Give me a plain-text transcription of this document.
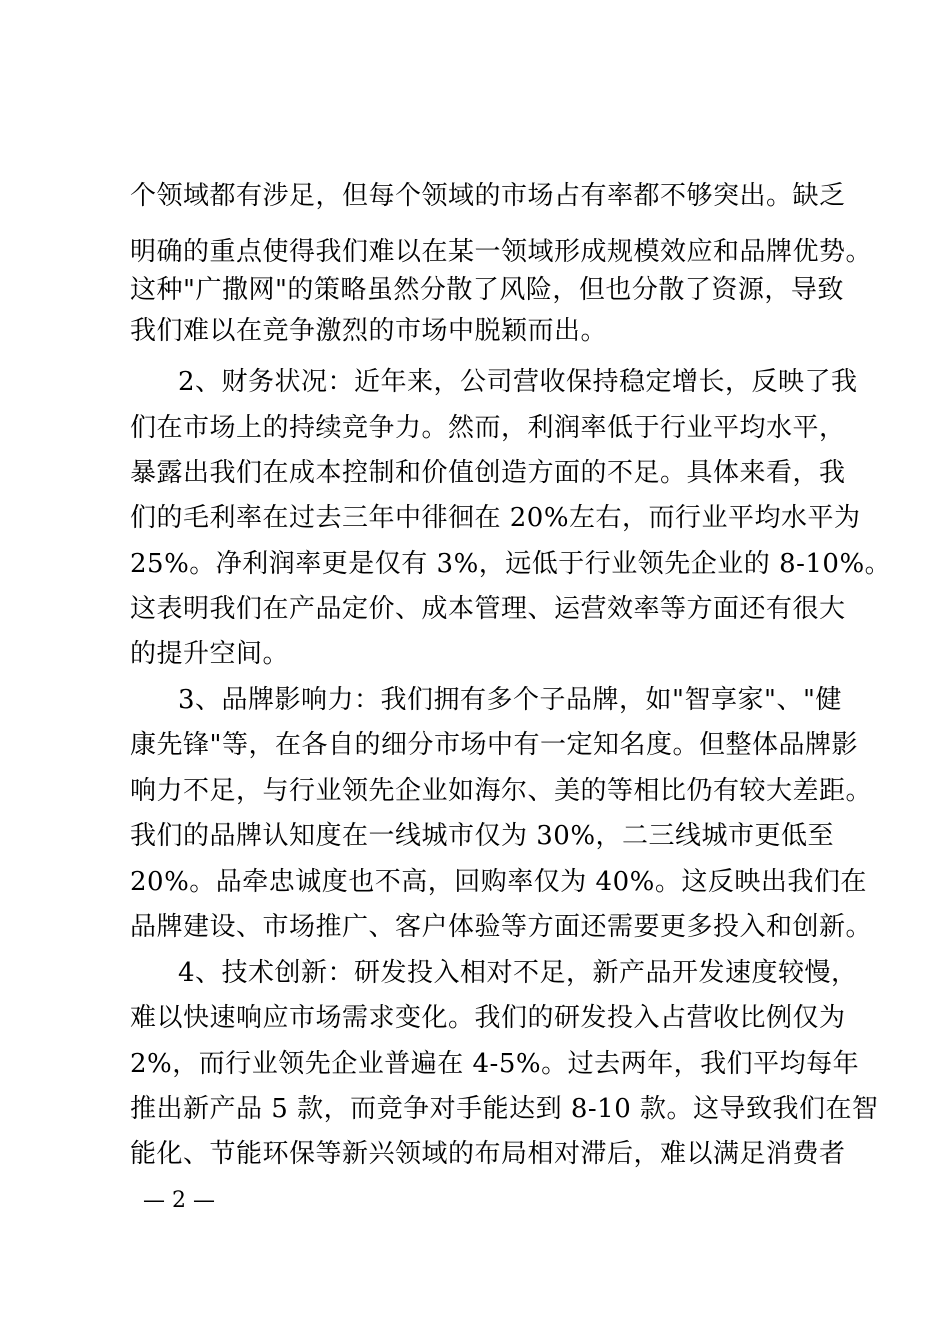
个领域都有涉足，但每个领域的市场占有率都不够突出。缺乏
明确的重点使得我们难以在某一领域形成规模效应和品牌优势。
这种"广撒网"的策略虽然分散了风险，但也分散了资源，导致
我们难以在竞争激烈的市场中脱颖而出。
2、财务状况：近年来，公司营收保持稳定增长，反映了我
们在市场上的持续竞争力。然而，利润率低于行业平均水平，
暴露出我们在成本控制和价值创造方面的不足。具体来看，我
们的毛利率在过去三年中徘徊在 20%左右，而行业平均水平为
25%。净利润率更是仅有 3%，远低于行业领先企业的 8-10%。
这表明我们在产品定价、成本管理、运营效率等方面还有很大
的提升空间。
3、品牌影响力：我们拥有多个子品牌，如"智享家"、"健
康先锋"等，在各自的细分市场中有一定知名度。但整体品牌影
响力不足，与行业领先企业如海尔、美的等相比仍有较大差距。
我们的品牌认知度在一线城市仅为 30%，二三线城市更低至
20%。品牵忠诚度也不高，回购率仅为 40%。这反映出我们在
品牌建设、市场推广、客户体验等方面还需要更多投入和创新。
4、技术创新：研发投入相对不足，新产品开发速度较慢，
难以快速响应市场需求变化。我们的研发投入占营收比例仅为
2%，而行业领先企业普遍在 4-5%。过去两年，我们平均每年
推出新产品 5 款，而竞争对手能达到 8-10 款。这导致我们在智
能化、节能环保等新兴领域的布局相对滞后，难以满足消费者
— 2 —
